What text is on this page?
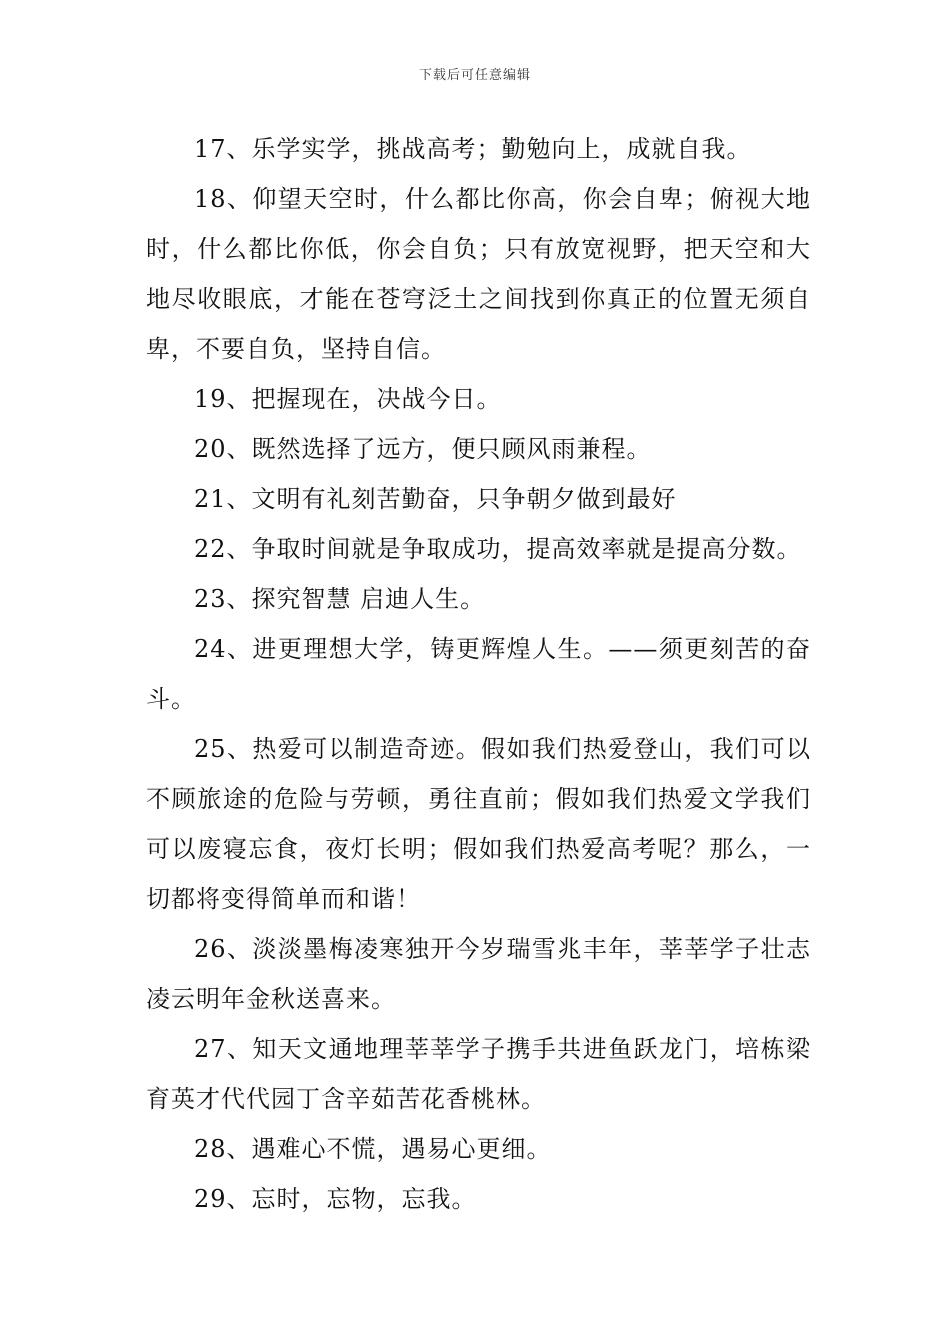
下载后可任意编辑

17、乐学实学，挑战高考；勤勉向上，成就自我。

18、仰望天空时，什么都比你高，你会自卑；俯视大地时，什么都比你低，你会自负；只有放宽视野，把天空和大地尽收眼底，才能在苍穹泛土之间找到你真正的位置无须自卑，不要自负，坚持自信。

19、把握现在，决战今日。

20、既然选择了远方，便只顾风雨兼程。

21、文明有礼刻苦勤奋，只争朝夕做到最好

22、争取时间就是争取成功，提高效率就是提高分数。

23、探究智慧 启迪人生。

24、进更理想大学，铸更辉煌人生。——须更刻苦的奋斗。

25、热爱可以制造奇迹。假如我们热爱登山，我们可以不顾旅途的危险与劳顿，勇往直前；假如我们热爱文学我们可以废寝忘食，夜灯长明；假如我们热爱高考呢？那么，一切都将变得简单而和谐！

26、淡淡墨梅凌寒独开今岁瑞雪兆丰年，莘莘学子壮志凌云明年金秋送喜来。

27、知天文通地理莘莘学子携手共进鱼跃龙门，培栋梁育英才代代园丁含辛茹苦花香桃林。

28、遇难心不慌，遇易心更细。

29、忘时，忘物，忘我。
